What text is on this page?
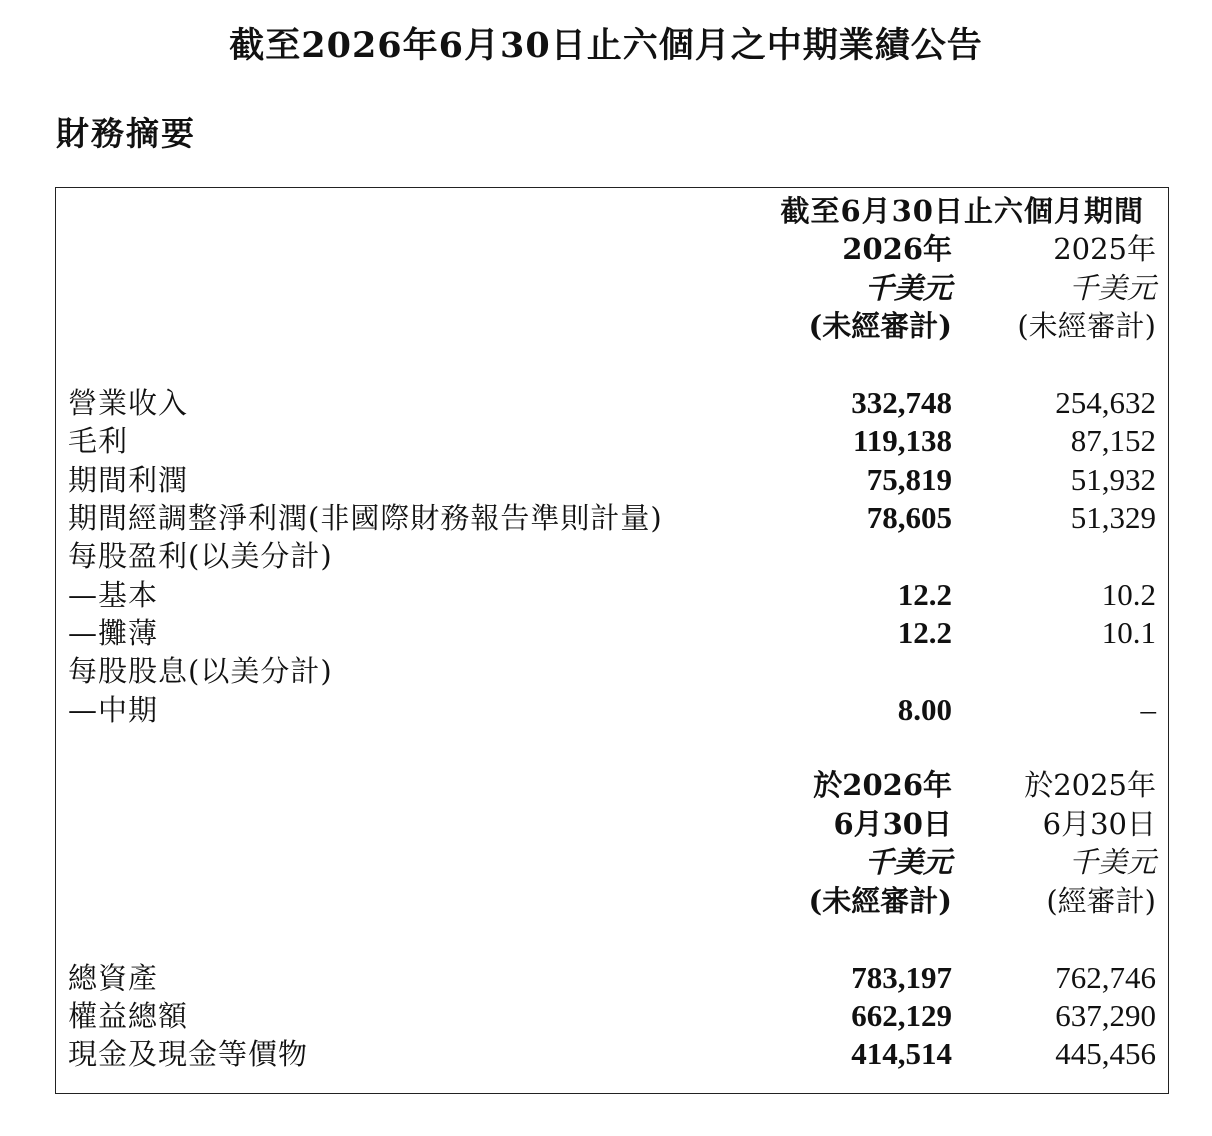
截至2026年6月30日止六個月之中期業績公告
財務摘要
截至6月30日止六個月期間
2026年	2025年
千美元	千美元
(未經審計) (未經審計)
營業收入	332,748	254,632
毛利	119,138	87,152
期間利潤	75,819	51,932
期間經調整淨利潤(非國際財務報告準則計量)	78,605	51,329
每股盈利(以美分計)
—基本	12.2	10.2
—攤薄	12.2	10.1
每股股息(以美分計)
—中期	8.00	–
於2026年 於2025年
6月30日	6月30日
千美元	千美元
(未經審計)	(經審計)
總資產	783,197	762,746
權益總額	662,129	637,290
現金及現金等價物	414,514	445,456
